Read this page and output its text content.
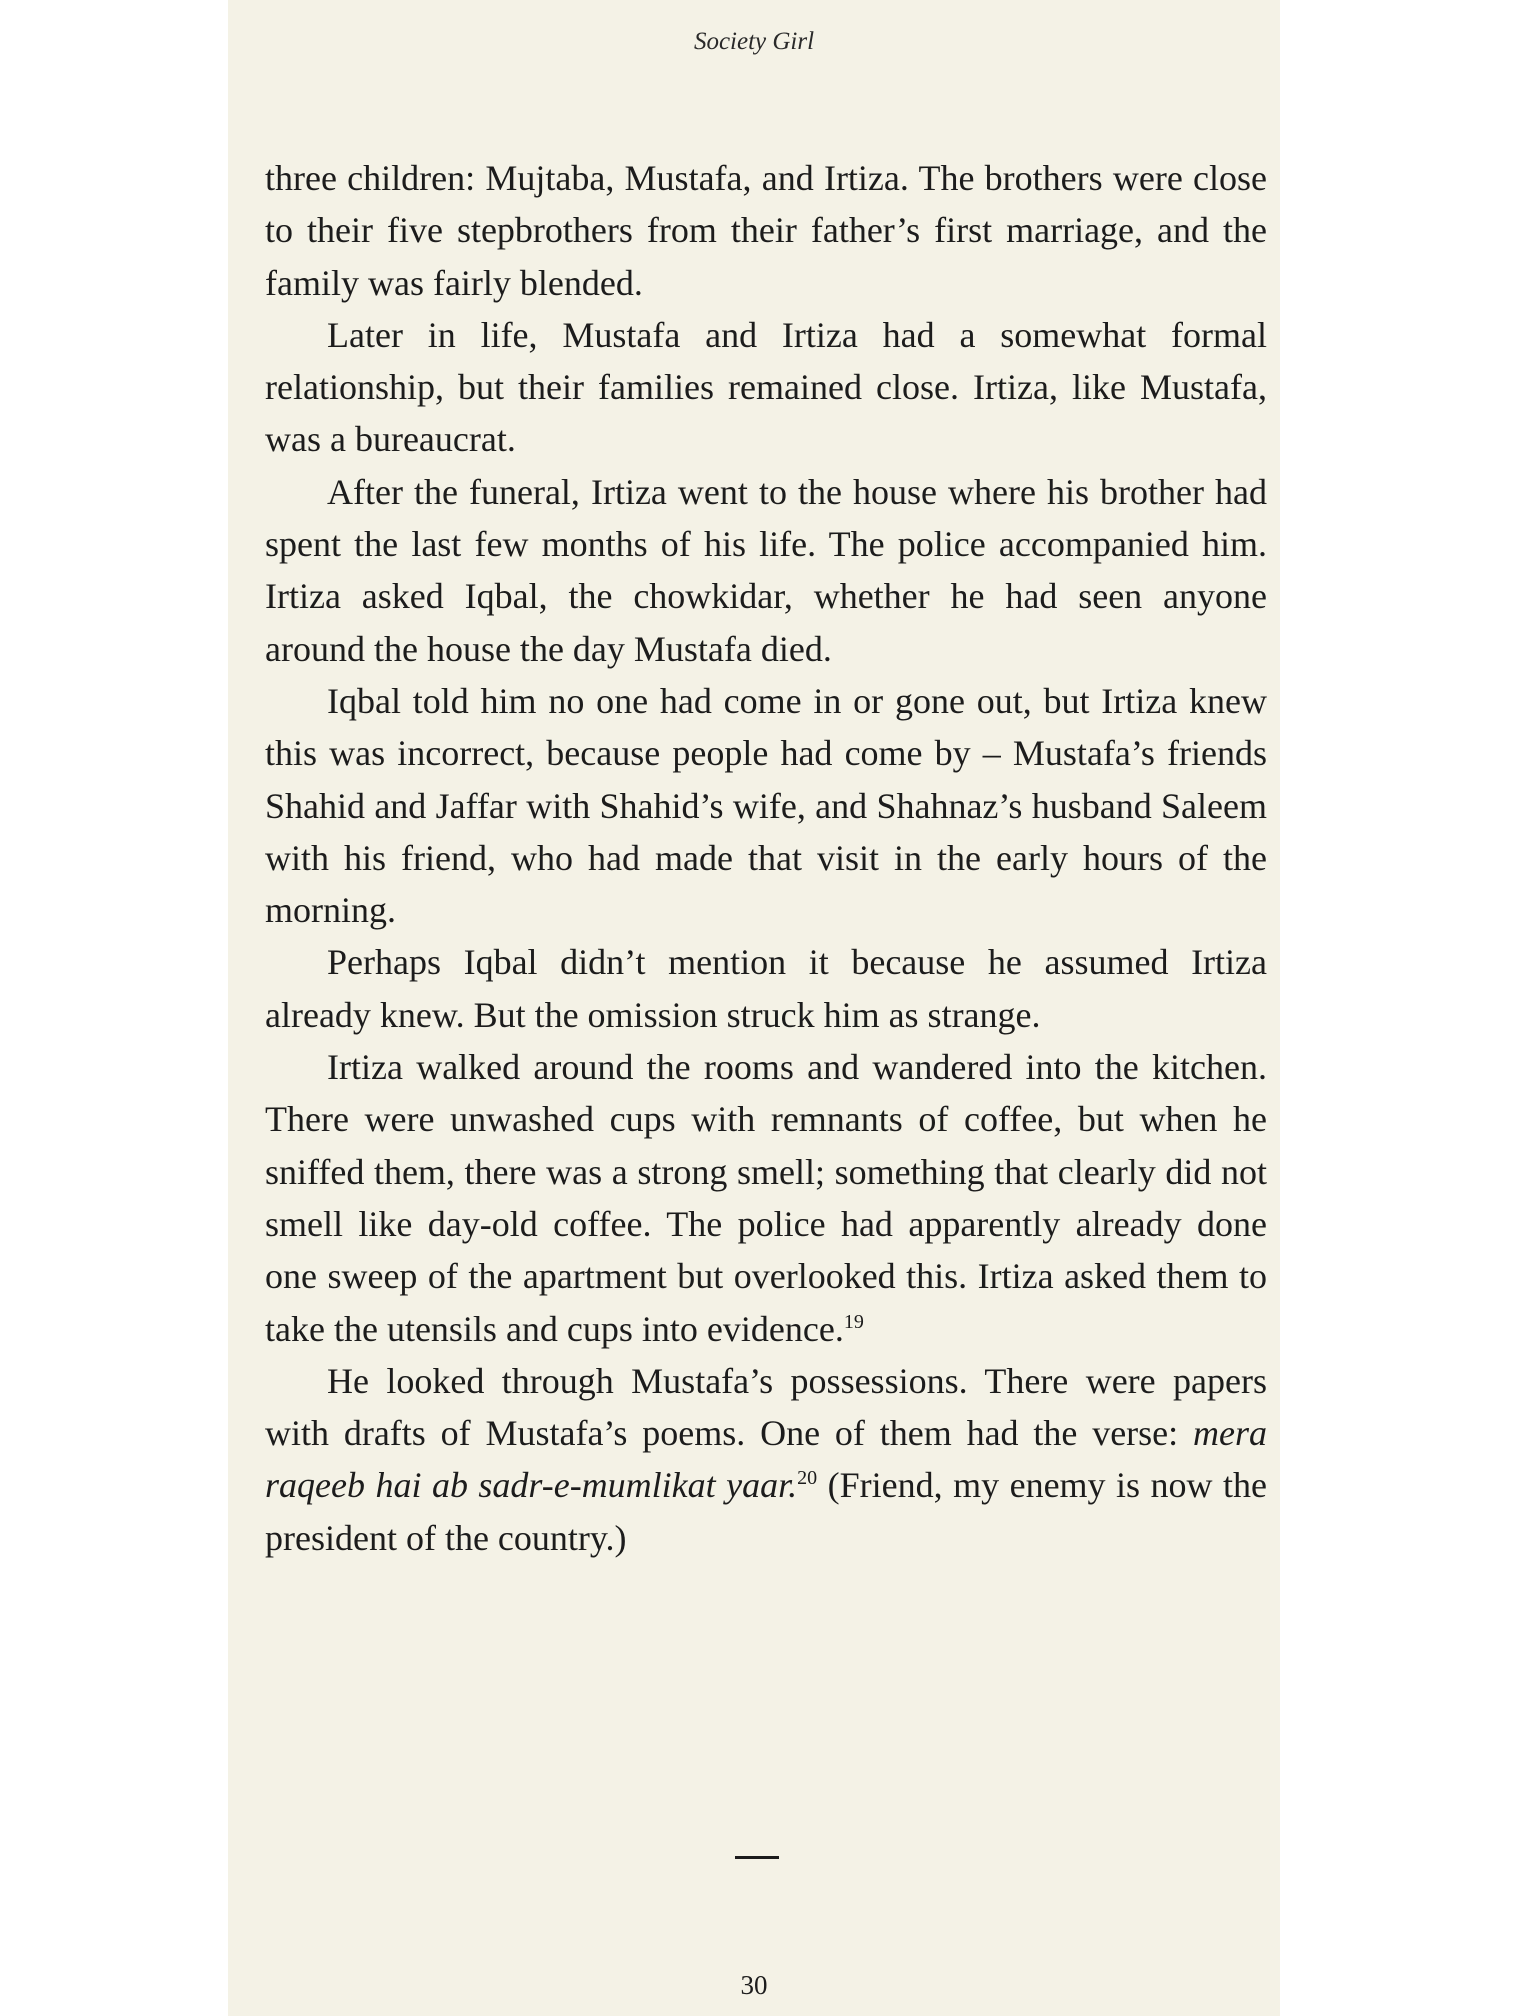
Society Girl

three children: Mujtaba, Mustafa, and Irtiza. The brothers were close to their five stepbrothers from their father’s first marriage, and the family was fairly blended.

Later in life, Mustafa and Irtiza had a somewhat formal relationship, but their families remained close. Irtiza, like Mustafa, was a bureaucrat.

After the funeral, Irtiza went to the house where his brother had spent the last few months of his life. The police accompanied him. Irtiza asked Iqbal, the chowkidar, whether he had seen anyone around the house the day Mustafa died.

Iqbal told him no one had come in or gone out, but Irtiza knew this was incorrect, because people had come by – Mustafa’s friends Shahid and Jaffar with Shahid’s wife, and Shahnaz’s husband Saleem with his friend, who had made that visit in the early hours of the morning.

Perhaps Iqbal didn’t mention it because he assumed Irtiza already knew. But the omission struck him as strange.

Irtiza walked around the rooms and wandered into the kitchen. There were unwashed cups with remnants of coffee, but when he sniffed them, there was a strong smell; something that clearly did not smell like day-old coffee. The police had apparently already done one sweep of the apartment but overlooked this. Irtiza asked them to take the utensils and cups into evidence.$^{19}$

He looked through Mustafa’s possessions. There were papers with drafts of Mustafa’s poems. One of them had the verse: mera raqeeb hai ab sadr-e-mumlikat yaar.$^{20}$ (Friend, my enemy is now the president of the country.)

30
